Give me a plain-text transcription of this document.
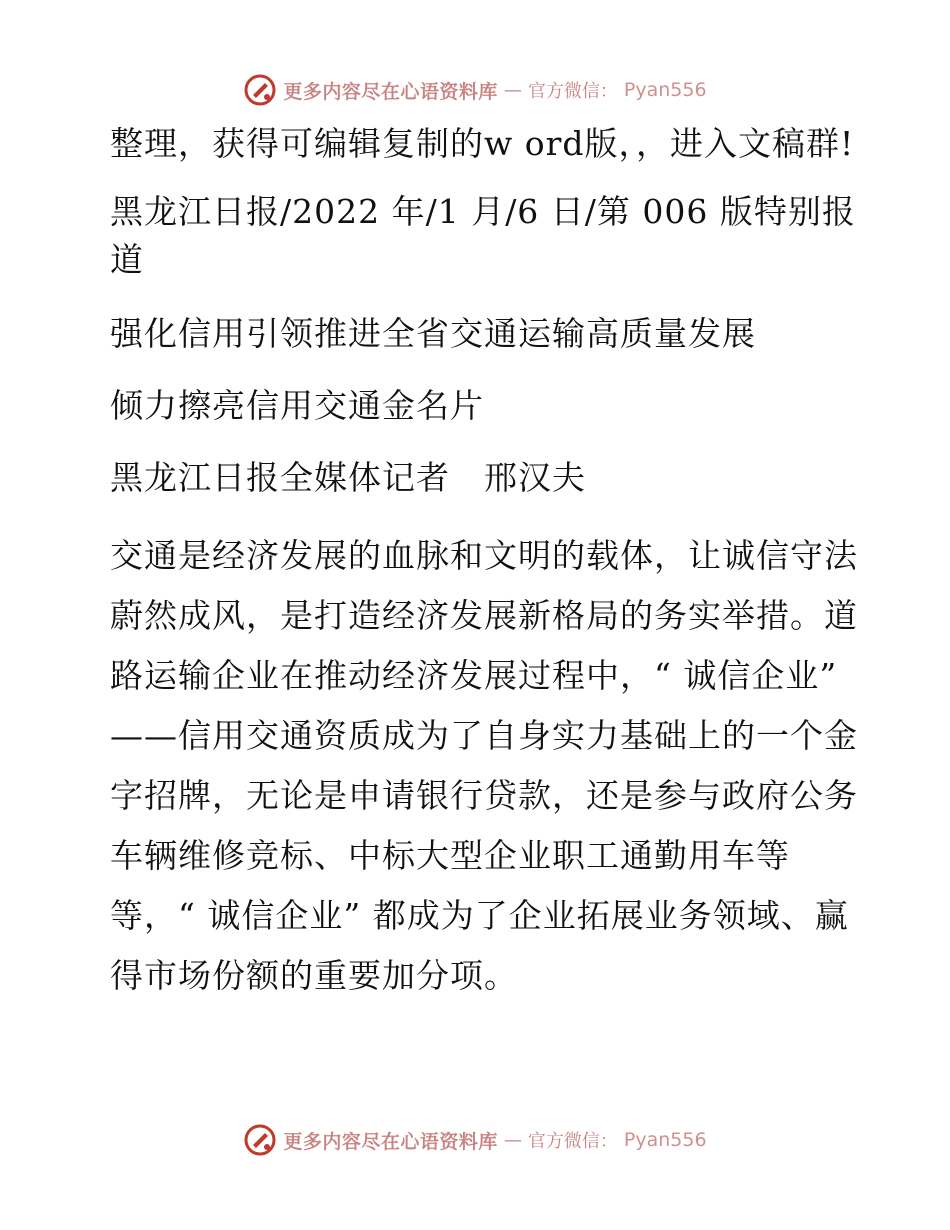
更多内容尽在心语资料库 — 官方微信： Pyan556

整理，获得可编辑复制的w ord版，，进入文稿群!

黑龙江日报/2022 年/1 月/6 日/第 006 版特别报道

强化信用引领推进全省交通运输高质量发展

倾力擦亮信用交通金名片

黑龙江日报全媒体记者　邢汉夫

交通是经济发展的血脉和文明的载体，让诚信守法蔚然成风，是打造经济发展新格局的务实举措。道路运输企业在推动经济发展过程中，“ 诚信企业” ——信用交通资质成为了自身实力基础上的一个金字招牌，无论是申请银行贷款，还是参与政府公务车辆维修竞标、中标大型企业职工通勤用车等等，“ 诚信企业” 都成为了企业拓展业务领域、赢得市场份额的重要加分项。

更多内容尽在心语资料库 — 官方微信： Pyan556
